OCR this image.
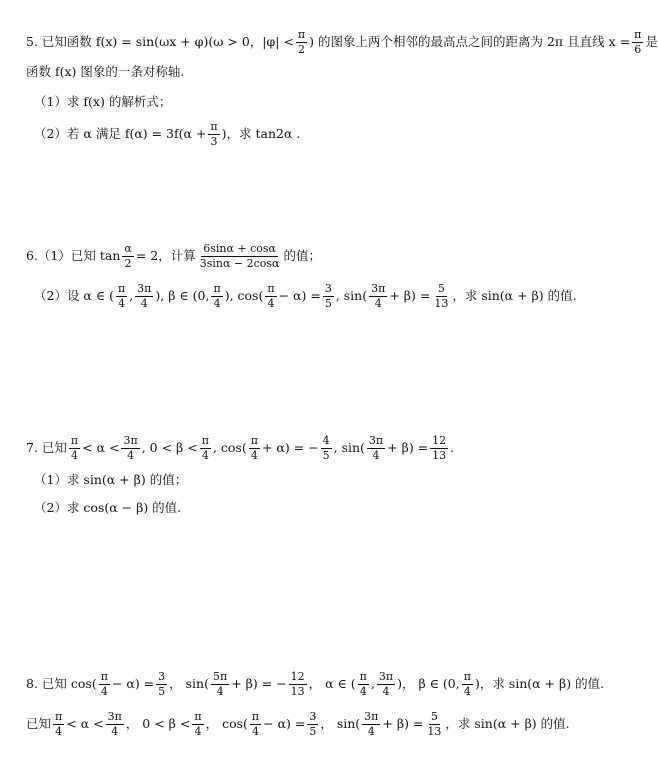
5. 已知函数 f(x) = sin(ωx + φ)(ω > 0，$|\varphi| < \frac{\pi}{2}$ ) 的图象上两个相邻的最高点之间的距离为 2π 且直线 $x = \frac{\pi}{6}$ 是
函数 f(x) 图象的一条对称轴.
（1）求 f(x) 的解析式；
（2）若 α 满足 $f(\alpha) = 3f(\alpha + \frac{\pi}{3}$ )，求 tan2α .
6.（1）已知 $\tan \frac{\alpha}{2} = 2$，计算 $\frac{6\sin\alpha + \cos\alpha}{3\sin\alpha - 2\cos\alpha}$ 的值；
（2）设 α ∈ ( $\frac{\pi}{4}$ , $\frac{3\pi}{4}$ ), β ∈ (0, $\frac{\pi}{4}$ ), $\cos( \frac{\pi}{4} - \alpha) = \frac{3}{5}$ , $\sin( \frac{3\pi}{4} + \beta) = \frac{5}{13}$ ，求 sin(α + β) 的值.
7. 已知 $\frac{\pi}{4} < \alpha < \frac{3\pi}{4}$ , $0 < \beta < \frac{\pi}{4}$ , $\cos( \frac{\pi}{4} + \alpha)$ = − $\frac{4}{5}$ , $\sin( \frac{3\pi}{4} + \beta) = \frac{12}{13}$ .
（1）求 sin(α + β) 的值；
（2）求 cos(α − β) 的值.
8. 已知 $\cos( \frac{\pi}{4} - \alpha) = \frac{3}{5}$ ， $\sin( \frac{5\pi}{4} + \beta)$ = − $\frac{12}{13}$ ， α ∈ ( $\frac{\pi}{4}$ , $\frac{3\pi}{4}$ )， β ∈ (0, $\frac{\pi}{4}$ )，求 sin(α + β) 的值.
已知 $\frac{\pi}{4} < \alpha < \frac{3\pi}{4}$ ， $0 < \beta < \frac{\pi}{4}$ ， $\cos( \frac{\pi}{4} - \alpha) = \frac{3}{5}$ ， $\sin( \frac{3\pi}{4} + \beta) = \frac{5}{13}$ ，求 sin(α + β) 的值.
